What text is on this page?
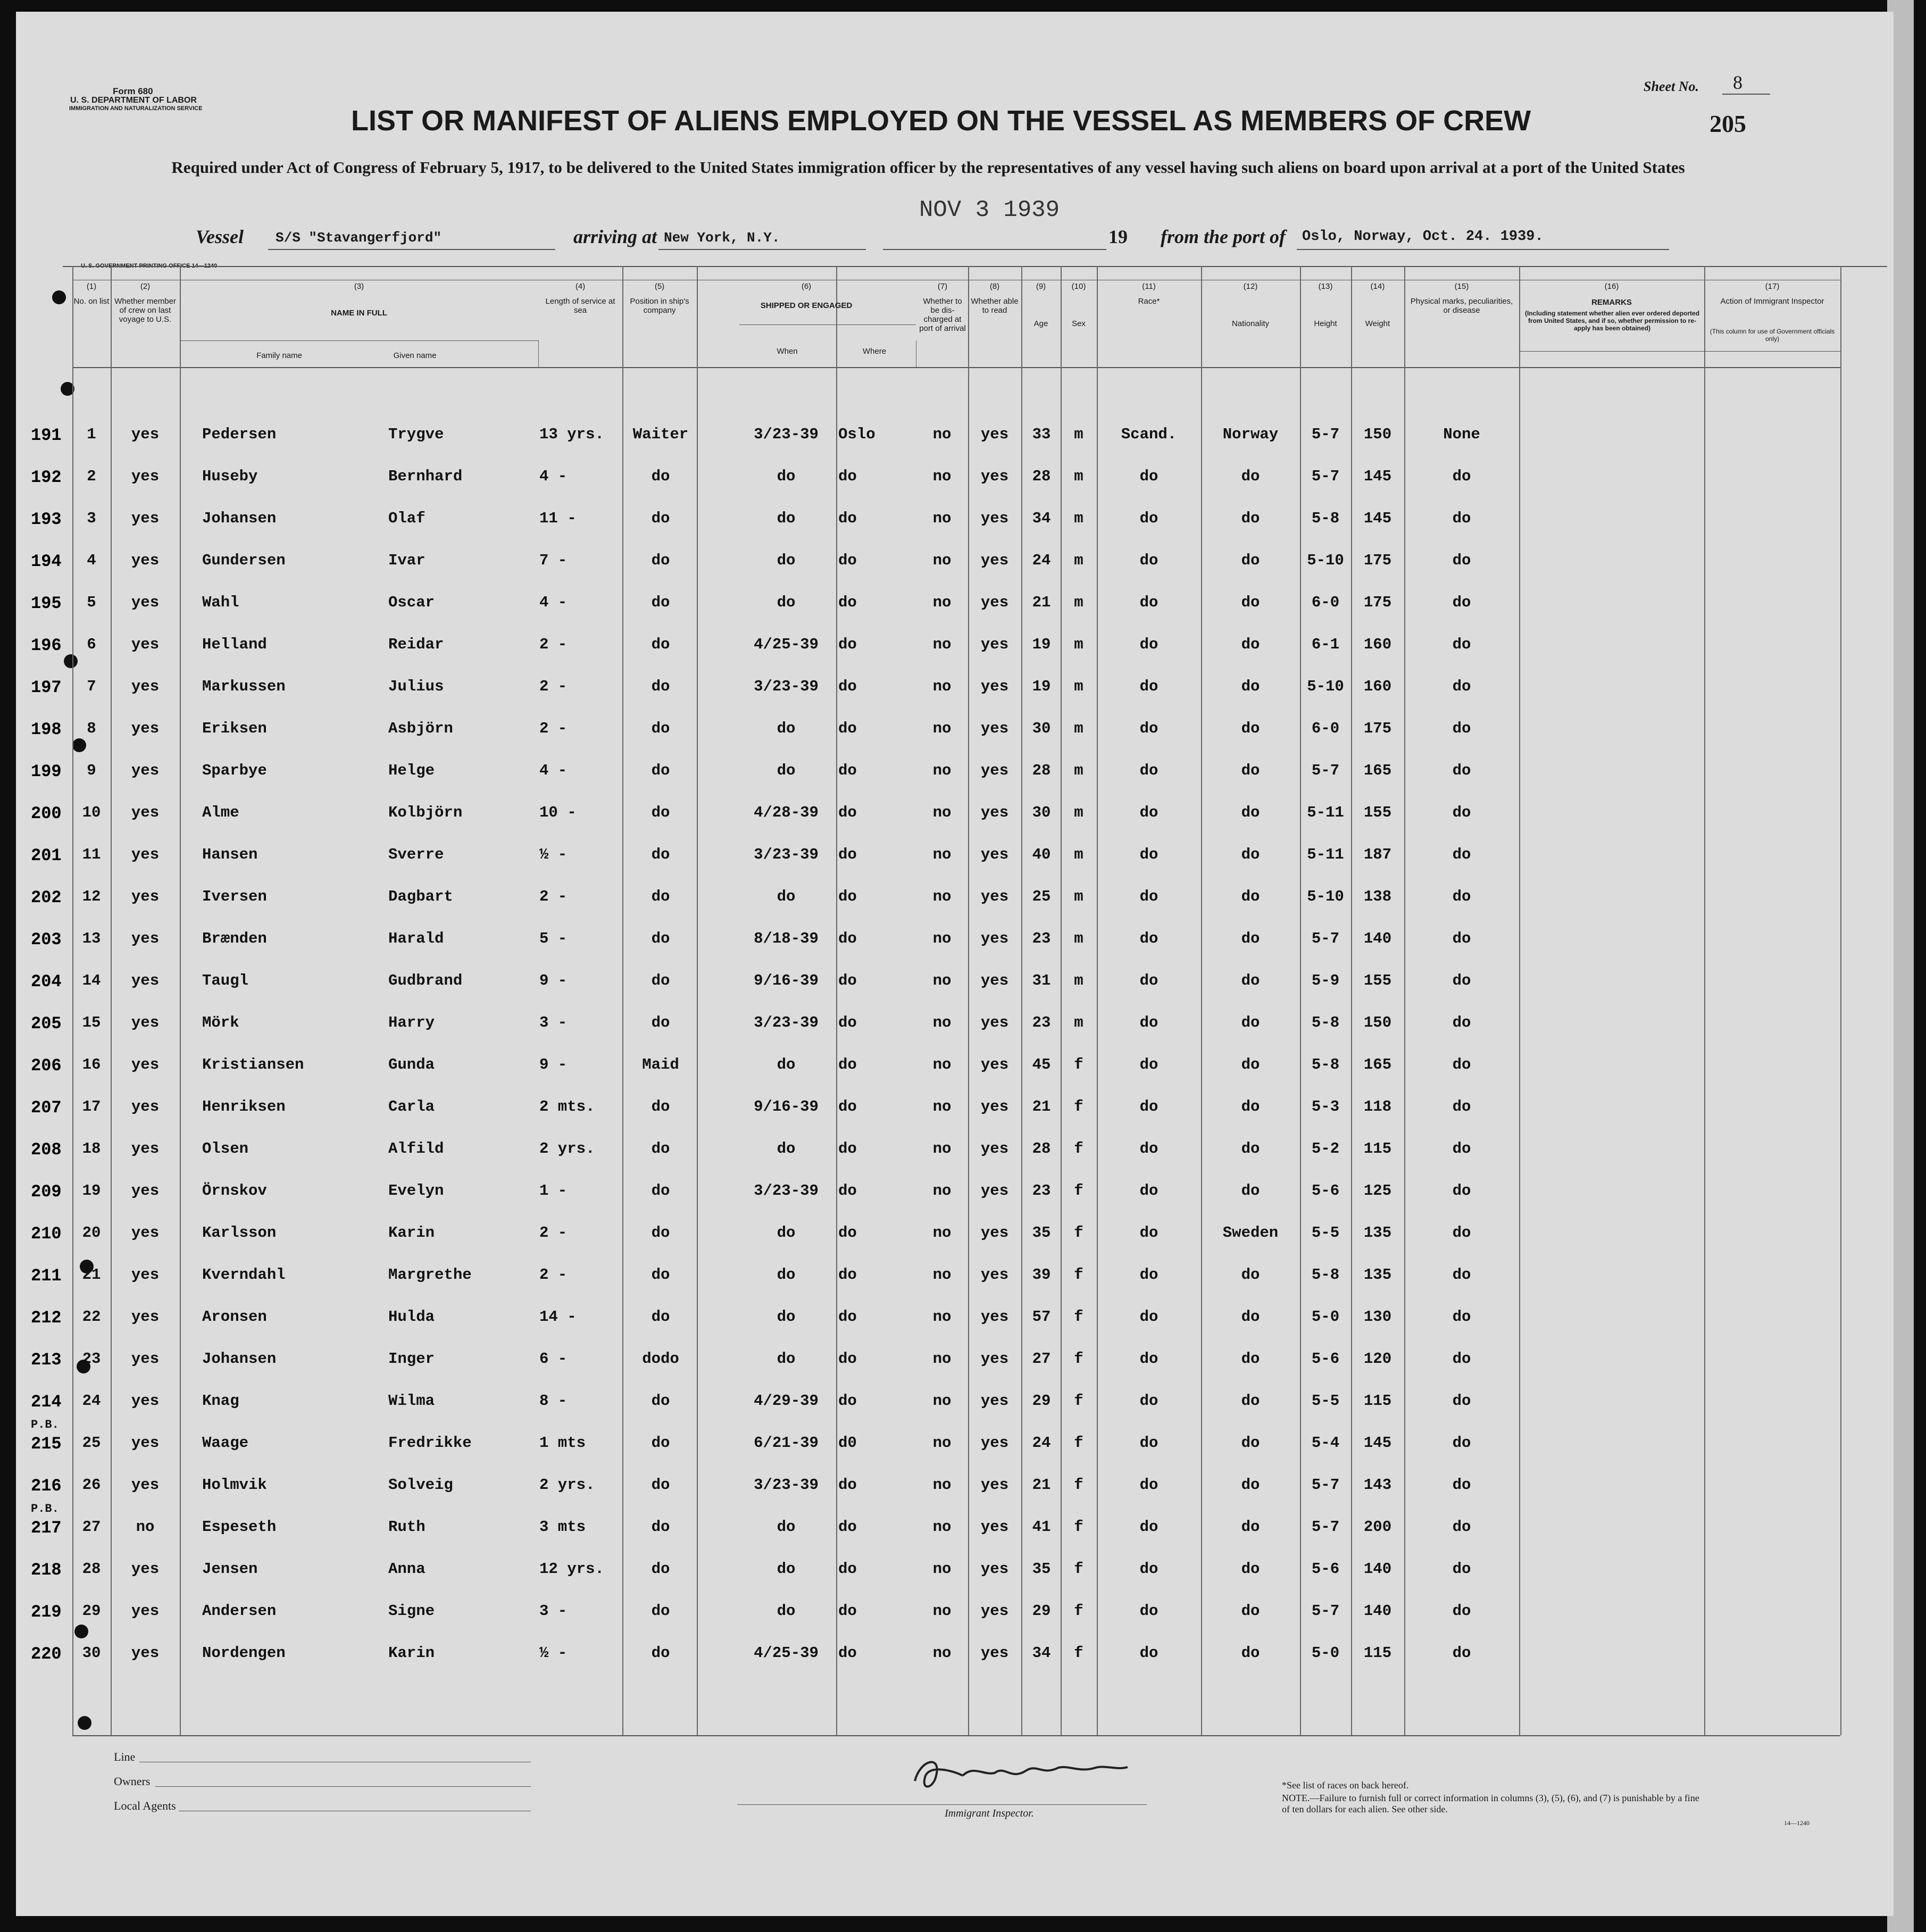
Form 680
U. S. DEPARTMENT OF LABOR
IMMIGRATION AND NATURALIZATION SERVICE
Sheet No. 8
205
LIST OR MANIFEST OF ALIENS EMPLOYED ON THE VESSEL AS MEMBERS OF CREW
Required under Act of Congress of February 5, 1917, to be delivered to the United States immigration officer by the representatives of any vessel having such aliens on board upon arrival at a port of the United States
NOV 3 1939
Vessel S/S "Stavangerfjord"	arriving at New York, N.Y.	19 from the port of Oslo, Norway, Oct. 24. 1939.
(1)
No. on list
(2)
Whether member of crew on last voyage to U.S.
(3)
NAME IN FULL
(4)
Length of service at sea
(5)
Position in ship's company
(6)
SHIPPED OR ENGAGED
(7)
Whether to be dis-charged at port of arrival
(8)
Whether able to read
(9)
Age
(10)
Sex
(11)
Race*
(12)
Nationality
(13)
Height
(14)
Weight
(15)
Physical marks, peculiarities, or disease
(16)
REMARKS
(17)
Action of Immigrant Inspector
Family name	Given name	When	Where
(Including statement whether alien ever ordered deported from United States, and if so, whether permission to re-apply has been obtained)	(This column for use of Government officials only)
191	1	yes	Pedersen	Trygve	13 yrs.	Waiter	3/23-39	Oslo	no	yes	33	m	Scand.	Norway	5-7	150	None
192	2	yes	Huseby	Bernhard	4 -	do	do	do	no	yes	28	m	do	do	5-7	145	do
193	3	yes	Johansen	Olaf	11 -	do	do	do	no	yes	34	m	do	do	5-8	145	do
194	4	yes	Gundersen	Ivar	7 -	do	do	do	no	yes	24	m	do	do	5-10	175	do
195	5	yes	Wahl	Oscar	4 -	do	do	do	no	yes	21	m	do	do	6-0	175	do
196	6	yes	Helland	Reidar	2 -	do	4/25-39	do	no	yes	19	m	do	do	6-1	160	do
197	7	yes	Markussen	Julius	2 -	do	3/23-39	do	no	yes	19	m	do	do	5-10	160	do
198	8	yes	Eriksen	Asbjörn	2 -	do	do	do	no	yes	30	m	do	do	6-0	175	do
199	9	yes	Sparbye	Helge	4 -	do	do	do	no	yes	28	m	do	do	5-7	165	do
200	10	yes	Alme	Kolbjörn	10 -	do	4/28-39	do	no	yes	30	m	do	do	5-11	155	do
201	11	yes	Hansen	Sverre	½ -	do	3/23-39	do	no	yes	40	m	do	do	5-11	187	do
202	12	yes	Iversen	Dagbart	2 -	do	do	do	no	yes	25	m	do	do	5-10	138	do
203	13	yes	Brænden	Harald	5 -	do	8/18-39	do	no	yes	23	m	do	do	5-7	140	do
204	14	yes	Taugl	Gudbrand	9 -	do	9/16-39	do	no	yes	31	m	do	do	5-9	155	do
205	15	yes	Mörk	Harry	3 -	do	3/23-39	do	no	yes	23	m	do	do	5-8	150	do
206	16	yes	Kristiansen	Gunda	9 -	Maid	do	do	no	yes	45	f	do	do	5-8	165	do
207	17	yes	Henriksen	Carla	2 mts.	do	9/16-39	do	no	yes	21	f	do	do	5-3	118	do
208	18	yes	Olsen	Alfild	2 yrs.	do	do	do	no	yes	28	f	do	do	5-2	115	do
209	19	yes	Örnskov	Evelyn	1 -	do	3/23-39	do	no	yes	23	f	do	do	5-6	125	do
210	20	yes	Karlsson	Karin	2 -	do	do	do	no	yes	35	f	do	Sweden	5-5	135	do
211	21	yes	Kverndahl	Margrethe	2 -	do	do	do	no	yes	39	f	do	do	5-8	135	do
212	22	yes	Aronsen	Hulda	14 -	do	do	do	no	yes	57	f	do	do	5-0	130	do
213	23	yes	Johansen	Inger	6 -	dodo	do	do	no	yes	27	f	do	do	5-6	120	do
214	24	yes	Knag	Wilma	8 -	do	4/29-39	do	no	yes	29	f	do	do	5-5	115	do
215	25	yes	Waage	Fredrikke	1 mts	do	6/21-39	d0	no	yes	24	f	do	do	5-4	145	do
P.B.
216	26	yes	Holmvik	Solveig	2 yrs.	do	3/23-39	do	no	yes	21	f	do	do	5-7	143	do
217	27	no	Espeseth	Ruth	3 mts	do	do	do	no	yes	41	f	do	do	5-7	200	do
P.B.
218	28	yes	Jensen	Anna	12 yrs.	do	do	do	no	yes	35	f	do	do	5-6	140	do
219	29	yes	Andersen	Signe	3 -	do	do	do	no	yes	29	f	do	do	5-7	140	do
220	30	yes	Nordengen	Karin	½ -	do	4/25-39	do	no	yes	34	f	do	do	5-0	115	do
Line
Owners
Local Agents
Immigrant Inspector.
*See list of races on back hereof.
NOTE.—Failure to furnish full or correct information in columns (3), (5), (6), and (7) is punishable by a fine of ten dollars for each alien. See other side.
14—1240
